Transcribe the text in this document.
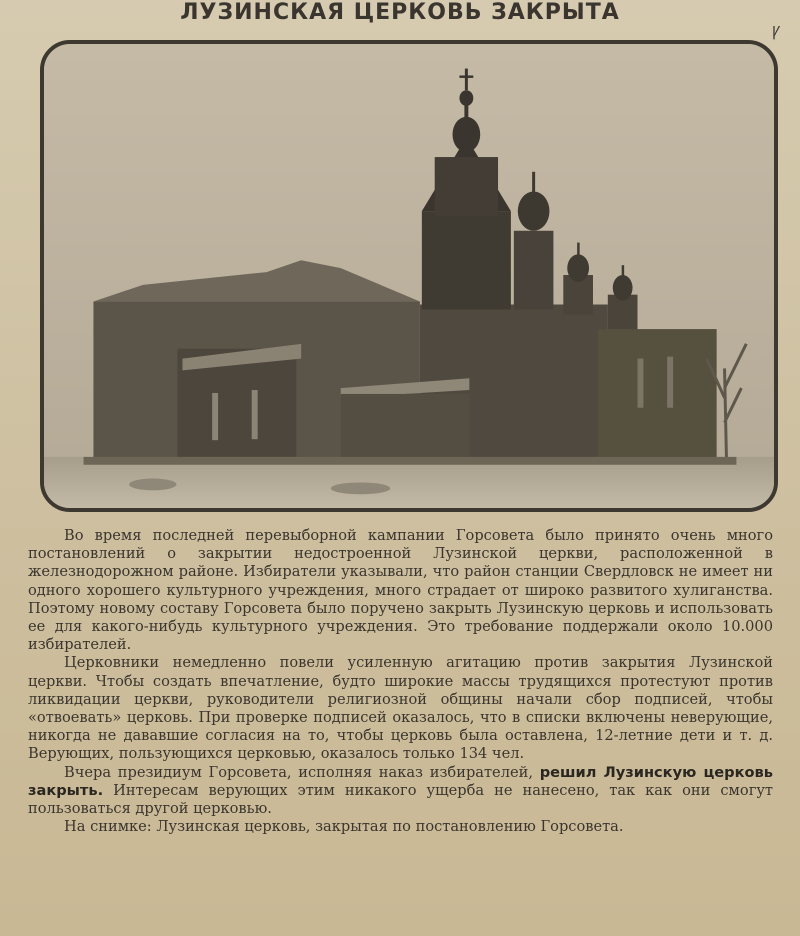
ЛУЗИНСКАЯ ЦЕРКОВЬ ЗАКРЫТА
Ꝩ

Во время последней перевыборной кампании Горсовета было принято очень много постановлений о закрытии недостроенной Лузинской церкви, расположенной в железнодорожном районе. Избиратели указывали, что район станции Свердловск не имеет ни одного хорошего культурного учреждения, много страдает от широко развитого хулиганства. Поэтому новому составу Горсовета было поручено закрыть Лузинскую церковь и использовать ее для какого-нибудь культурного учреждения. Это требование поддержали около 10.000 избирателей.

Церковники немедленно повели усиленную агитацию против закрытия Лузинской церкви. Чтобы создать впечатление, будто широкие массы трудящихся протестуют против ликвидации церкви, руководители религиозной общины начали сбор подписей, чтобы «отвоевать» церковь. При проверке подписей оказалось, что в списки включены неверующие, никогда не дававшие согласия на то, чтобы церковь была оставлена, 12-летние дети и т. д. Верующих, пользующихся церковью, оказалось только 134 чел.

Вчера президиум Горсовета, исполняя наказ избирателей, решил Лузинскую церковь закрыть. Интересам верующих этим никакого ущерба не нанесено, так как они смогут пользоваться другой церковью.

На снимке: Лузинская церковь, закрытая по постановлению Горсовета.
